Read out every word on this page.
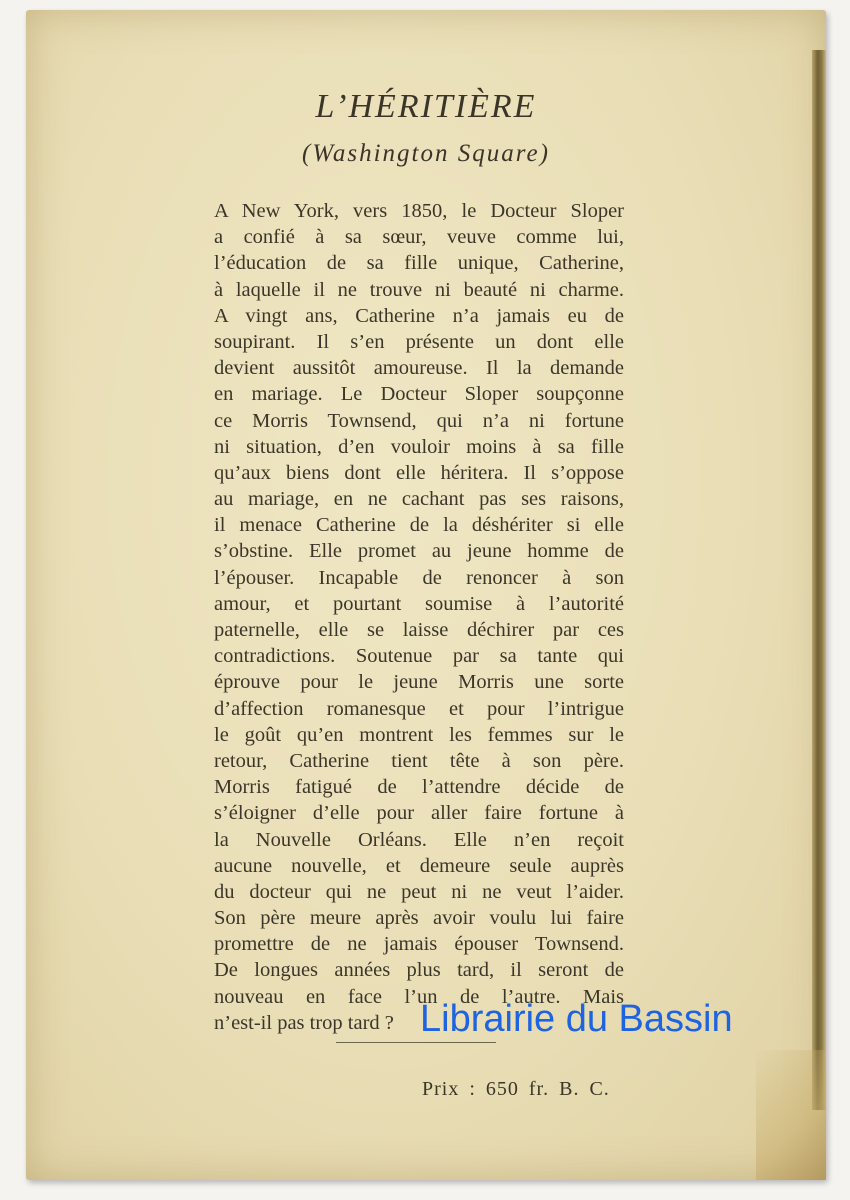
L’HÉRITIÈRE
(Washington Square)

A New York, vers 1850, le Docteur Sloper
a confié à sa sœur, veuve comme lui,
l’éducation de sa fille unique, Catherine,
à laquelle il ne trouve ni beauté ni charme.
A vingt ans, Catherine n’a jamais eu de
soupirant. Il s’en présente un dont elle
devient aussitôt amoureuse. Il la demande
en mariage. Le Docteur Sloper soupçonne
ce Morris Townsend, qui n’a ni fortune
ni situation, d’en vouloir moins à sa fille
qu’aux biens dont elle héritera. Il s’oppose
au mariage, en ne cachant pas ses raisons,
il menace Catherine de la déshériter si elle
s’obstine. Elle promet au jeune homme de
l’épouser. Incapable de renoncer à son
amour, et pourtant soumise à l’autorité
paternelle, elle se laisse déchirer par ces
contradictions. Soutenue par sa tante qui
éprouve pour le jeune Morris une sorte
d’affection romanesque et pour l’intrigue
le goût qu’en montrent les femmes sur le
retour, Catherine tient tête à son père.
Morris fatigué de l’attendre décide de
s’éloigner d’elle pour aller faire fortune à
la Nouvelle Orléans. Elle n’en reçoit
aucune nouvelle, et demeure seule auprès
du docteur qui ne peut ni ne veut l’aider.
Son père meure après avoir voulu lui faire
promettre de ne jamais épouser Townsend.
De longues années plus tard, il seront de
nouveau en face l’un de l’autre. Mais
n’est-il pas trop tard ?

Prix : 650 fr. B. C.
Librairie du Bassin
